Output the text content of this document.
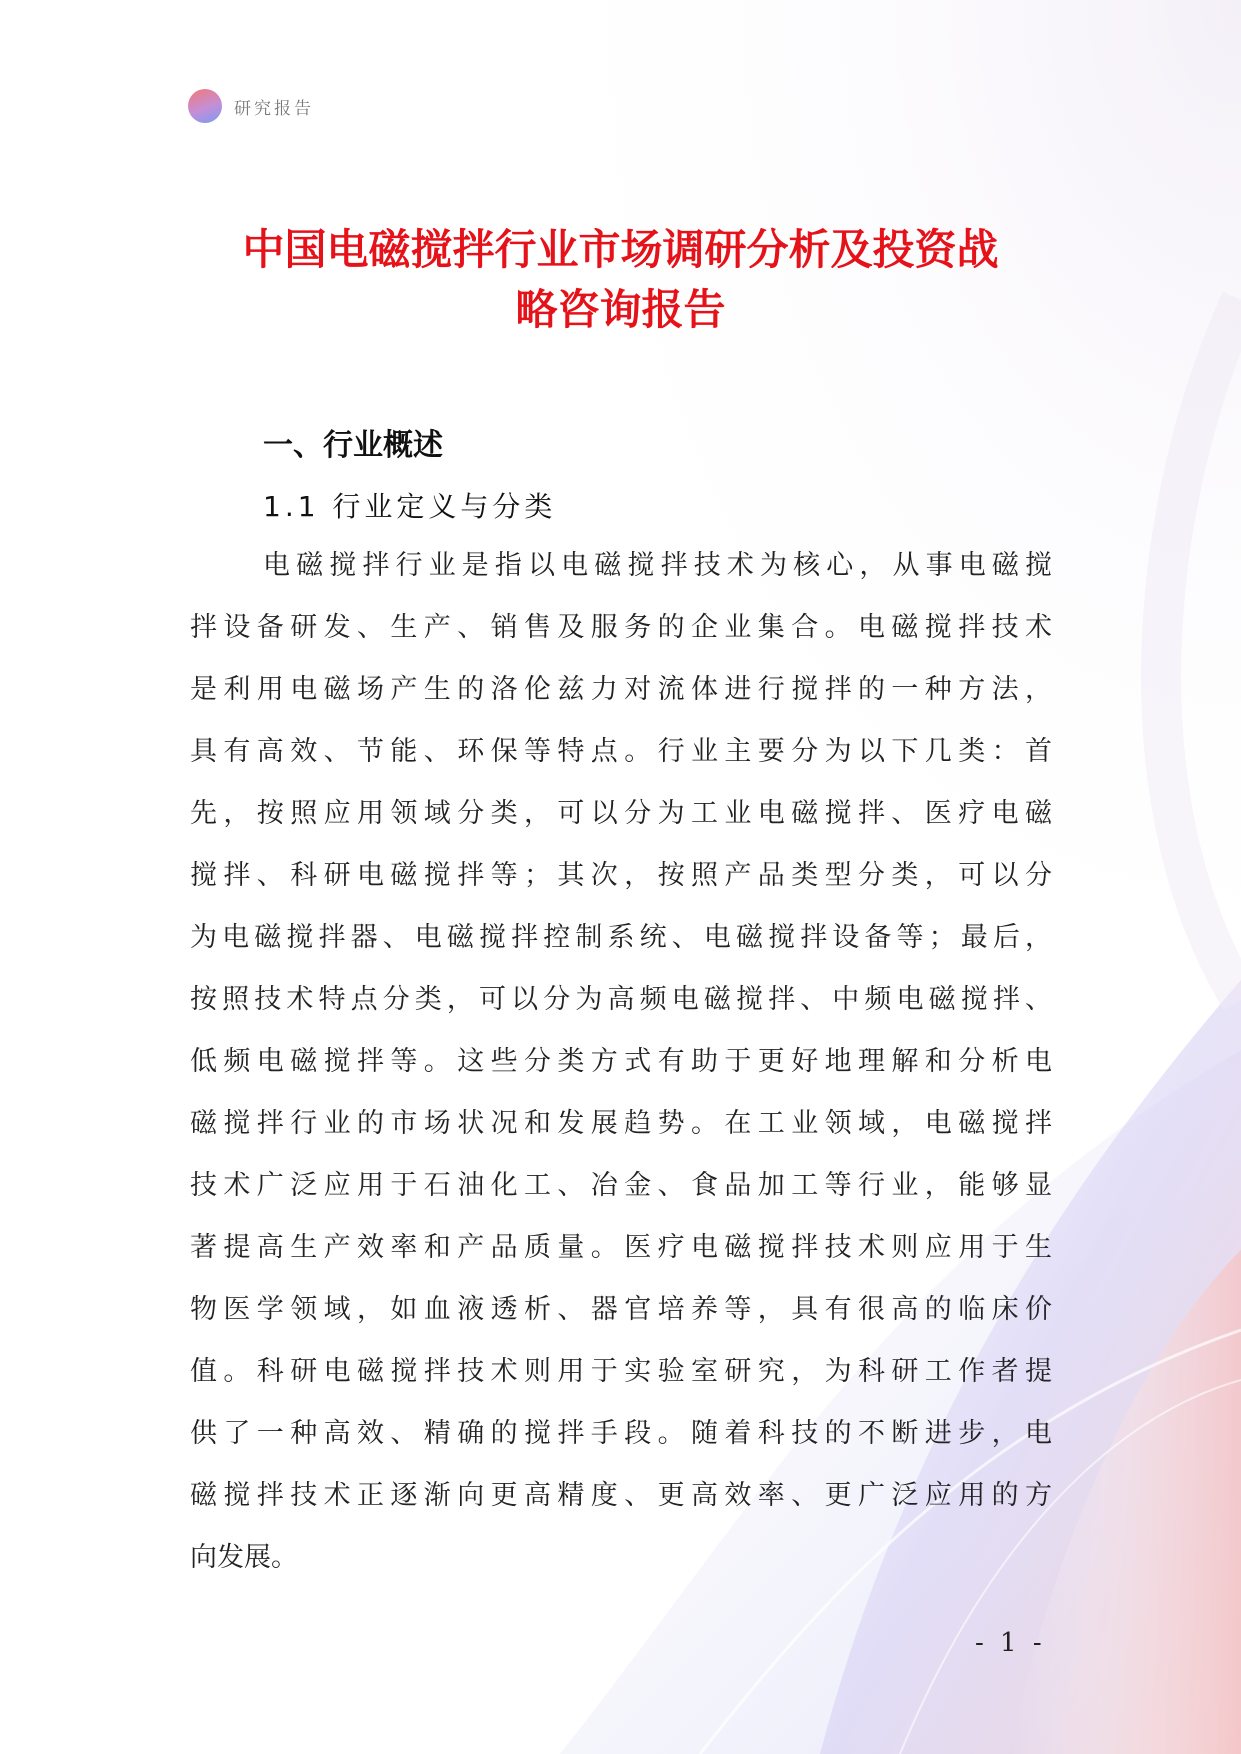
研究报告
中国电磁搅拌行业市场调研分析及投资战
略咨询报告
一、行业概述
1.1 行业定义与分类
电磁搅拌行业是指以电磁搅拌技术为核心，从事电磁搅
拌设备研发、生产、销售及服务的企业集合。电磁搅拌技术
是利用电磁场产生的洛伦兹力对流体进行搅拌的一种方法，
具有高效、节能、环保等特点。行业主要分为以下几类：首
先，按照应用领域分类，可以分为工业电磁搅拌、医疗电磁
搅拌、科研电磁搅拌等；其次，按照产品类型分类，可以分
为电磁搅拌器、电磁搅拌控制系统、电磁搅拌设备等；最后，
按照技术特点分类，可以分为高频电磁搅拌、中频电磁搅拌、
低频电磁搅拌等。这些分类方式有助于更好地理解和分析电
磁搅拌行业的市场状况和发展趋势。在工业领域，电磁搅拌
技术广泛应用于石油化工、冶金、食品加工等行业，能够显
著提高生产效率和产品质量。医疗电磁搅拌技术则应用于生
物医学领域，如血液透析、器官培养等，具有很高的临床价
值。科研电磁搅拌技术则用于实验室研究，为科研工作者提
供了一种高效、精确的搅拌手段。随着科技的不断进步，电
磁搅拌技术正逐渐向更高精度、更高效率、更广泛应用的方
向发展。
- 1 -
